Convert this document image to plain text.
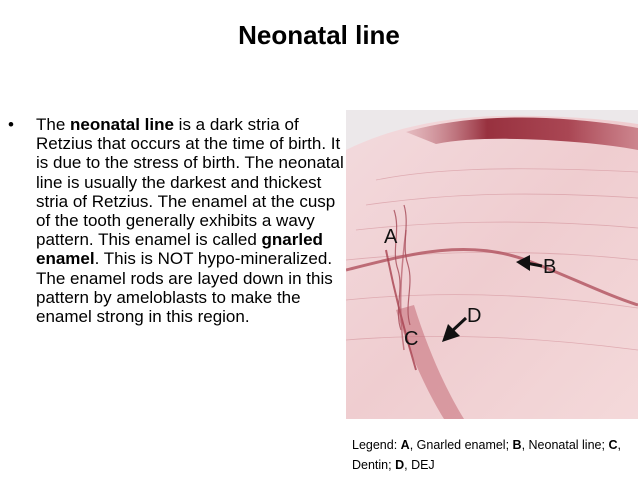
Neonatal line
•	The neonatal line is a dark stria of Retzius that occurs at the time of birth. It is due to the stress of birth. The neonatal line is usually the darkest and thickest stria of Retzius. The enamel at the cusp of the tooth generally exhibits a wavy pattern. This enamel is called gnarled enamel. This is NOT hypo-mineralized. The enamel rods are layed down in this pattern by ameloblasts to make the enamel strong in this region.
A
B
C
D
Legend: A, Gnarled enamel; B, Neonatal line; C, Dentin; D, DEJ
